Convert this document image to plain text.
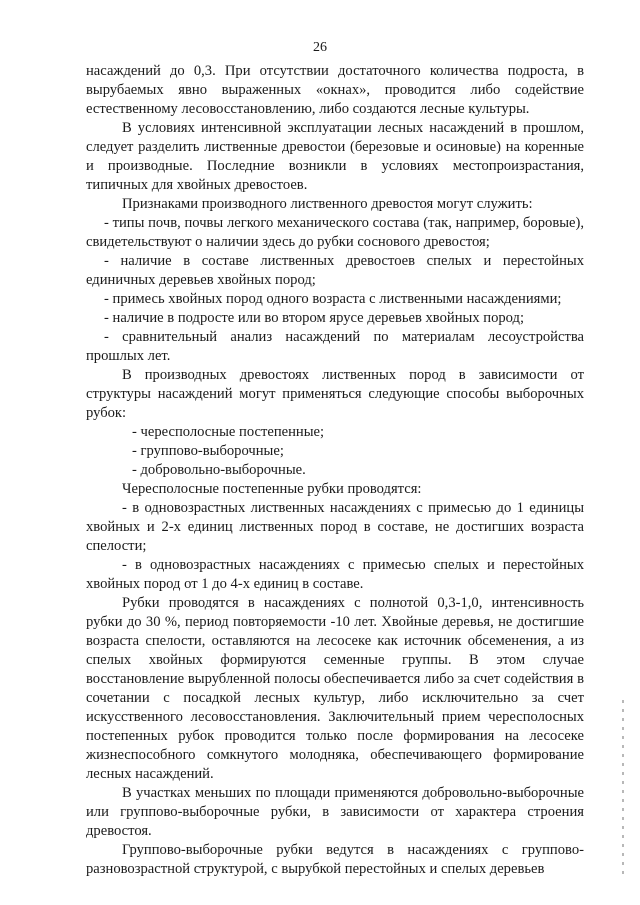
26

насаждений до 0,3. При отсутствии достаточного количества подроста, в вырубаемых явно выраженных «окнах», проводится либо содействие естественному лесовосстановлению, либо создаются лесные культуры.

В условиях интенсивной эксплуатации лесных насаждений в прошлом, следует разделить лиственные древостои (березовые и осиновые) на коренные и производные. Последние возникли в условиях местопроизрастания, типичных для хвойных древостоев.

Признаками производного лиственного древостоя могут служить:

- типы почв, почвы легкого механического состава (так, например, боровые), свидетельствуют о наличии здесь до рубки соснового древостоя;

- наличие в составе лиственных древостоев спелых и перестойных единичных деревьев хвойных пород;

- примесь хвойных пород одного возраста с лиственными насаждениями;

- наличие в подросте или во втором ярусе деревьев хвойных пород;

- сравнительный анализ насаждений по материалам лесоустройства прошлых лет.

В производных древостоях лиственных пород в зависимости от структуры насаждений могут применяться следующие способы выборочных рубок:

- чересполосные постепенные;

- группово-выборочные;

- добровольно-выборочные.

Чересполосные постепенные рубки проводятся:

- в одновозрастных лиственных насаждениях с примесью до 1 единицы хвойных и 2-х единиц лиственных пород в составе, не достигших возраста спелости;

- в одновозрастных насаждениях с примесью спелых и перестойных хвойных пород от 1 до 4-х единиц в составе.

Рубки проводятся в насаждениях с полнотой 0,3-1,0, интенсивность рубки до 30 %, период повторяемости -10 лет. Хвойные деревья, не достигшие возраста спелости, оставляются на лесосеке как источник обсеменения, а из спелых хвойных формируются семенные группы. В этом случае восстановление вырубленной полосы обеспечивается либо за счет содействия в сочетании с посадкой лесных культур, либо исключительно за счет искусственного лесовосстановления. Заключительный прием чересполосных постепенных рубок проводится только после формирования на лесосеке жизнеспособного сомкнутого молодняка, обеспечивающего формирование лесных насаждений.

В участках меньших по площади применяются добровольно-выборочные или группово-выборочные рубки, в зависимости от характера строения древостоя.

Группово-выборочные рубки ведутся в насаждениях с группово-разновозрастной структурой, с вырубкой перестойных и спелых деревьев
